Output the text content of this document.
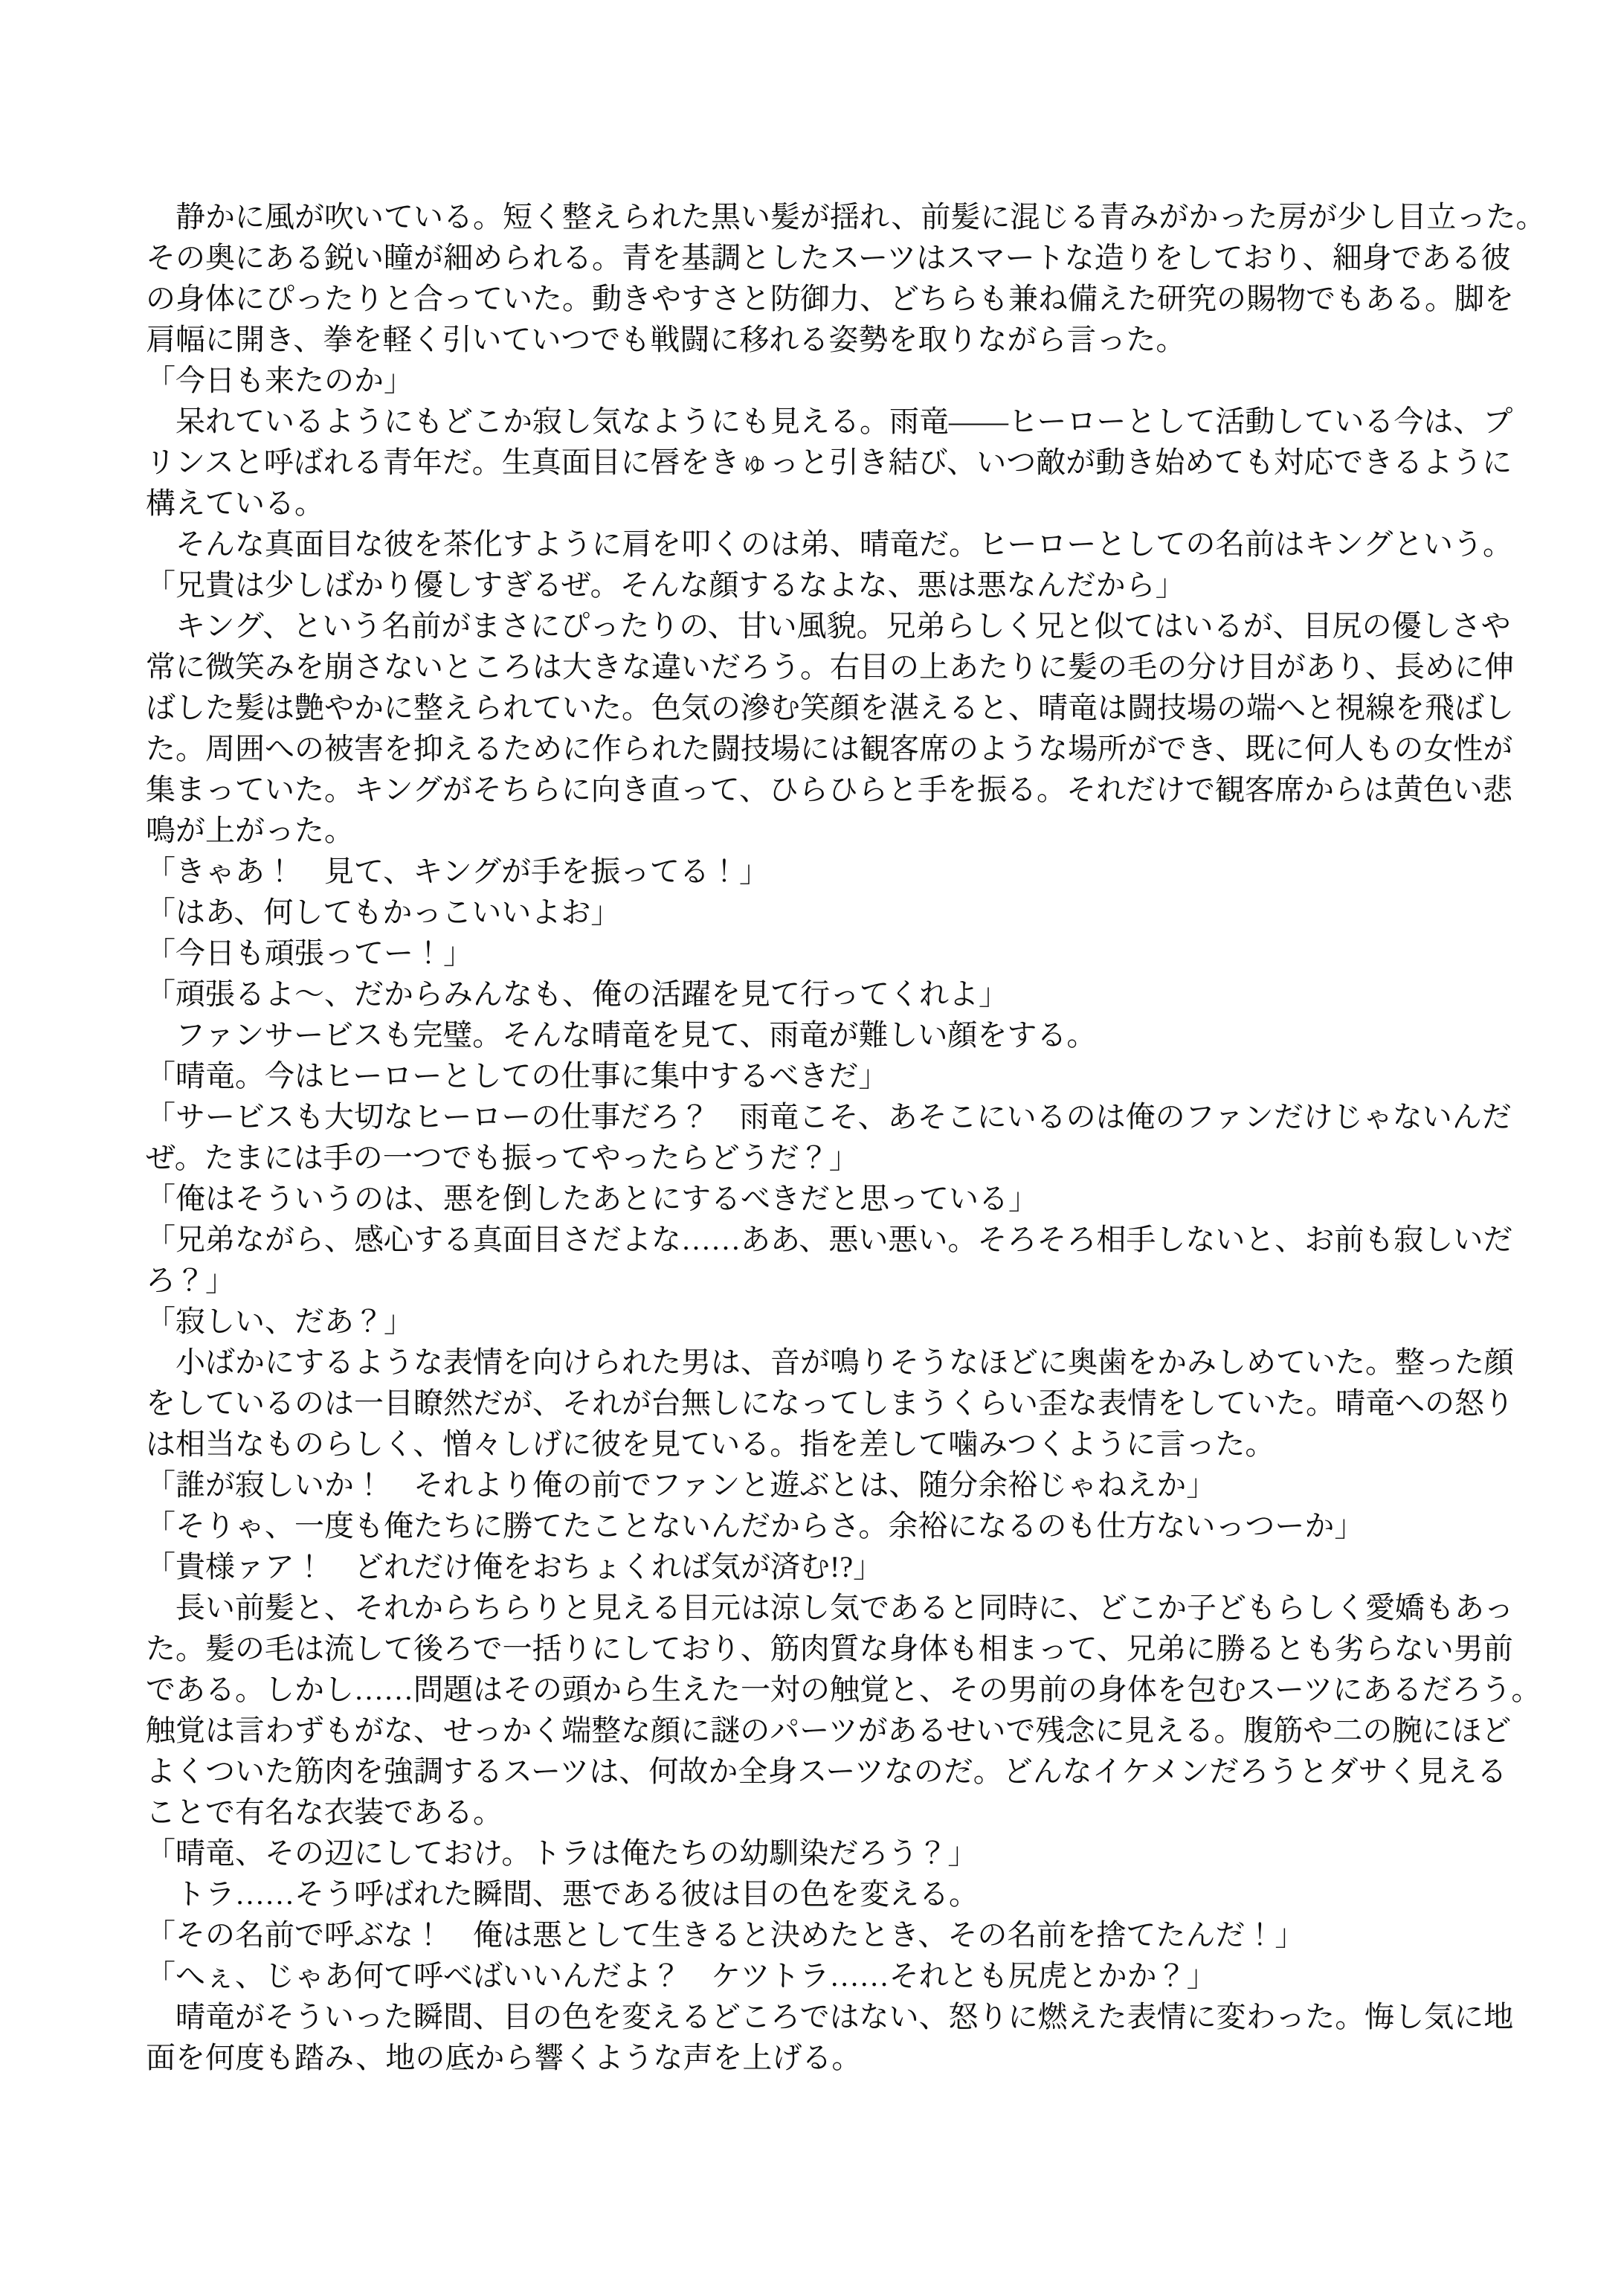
　静かに風が吹いている。短く整えられた黒い髪が揺れ、前髪に混じる青みがかった房が少し目立った。
その奥にある鋭い瞳が細められる。青を基調としたスーツはスマートな造りをしており、細身である彼
の身体にぴったりと合っていた。動きやすさと防御力、どちらも兼ね備えた研究の賜物でもある。脚を
肩幅に開き、拳を軽く引いていつでも戦闘に移れる姿勢を取りながら言った。
「今日も来たのか」
　呆れているようにもどこか寂し気なようにも見える。雨竜――ヒーローとして活動している今は、プ
リンスと呼ばれる青年だ。生真面目に唇をきゅっと引き結び、いつ敵が動き始めても対応できるように
構えている。
　そんな真面目な彼を茶化すように肩を叩くのは弟、晴竜だ。ヒーローとしての名前はキングという。
「兄貴は少しばかり優しすぎるぜ。そんな顔するなよな、悪は悪なんだから」
　キング、という名前がまさにぴったりの、甘い風貌。兄弟らしく兄と似てはいるが、目尻の優しさや
常に微笑みを崩さないところは大きな違いだろう。右目の上あたりに髪の毛の分け目があり、長めに伸
ばした髪は艶やかに整えられていた。色気の滲む笑顔を湛えると、晴竜は闘技場の端へと視線を飛ばし
た。周囲への被害を抑えるために作られた闘技場には観客席のような場所ができ、既に何人もの女性が
集まっていた。キングがそちらに向き直って、ひらひらと手を振る。それだけで観客席からは黄色い悲
鳴が上がった。
「きゃあ！　見て、キングが手を振ってる！」
「はあ、何してもかっこいいよお」
「今日も頑張ってー！」
「頑張るよ〜、だからみんなも、俺の活躍を見て行ってくれよ」
　ファンサービスも完璧。そんな晴竜を見て、雨竜が難しい顔をする。
「晴竜。今はヒーローとしての仕事に集中するべきだ」
「サービスも大切なヒーローの仕事だろ？　雨竜こそ、あそこにいるのは俺のファンだけじゃないんだ
ぜ。たまには手の一つでも振ってやったらどうだ？」
「俺はそういうのは、悪を倒したあとにするべきだと思っている」
「兄弟ながら、感心する真面目さだよな……ああ、悪い悪い。そろそろ相手しないと、お前も寂しいだ
ろ？」
「寂しい、だあ？」
　小ばかにするような表情を向けられた男は、音が鳴りそうなほどに奥歯をかみしめていた。整った顔
をしているのは一目瞭然だが、それが台無しになってしまうくらい歪な表情をしていた。晴竜への怒り
は相当なものらしく、憎々しげに彼を見ている。指を差して噛みつくように言った。
「誰が寂しいか！　それより俺の前でファンと遊ぶとは、随分余裕じゃねえか」
「そりゃ、一度も俺たちに勝てたことないんだからさ。余裕になるのも仕方ないっつーか」
「貴様ァア！　どれだけ俺をおちょくれば気が済む!?」
　長い前髪と、それからちらりと見える目元は涼し気であると同時に、どこか子どもらしく愛嬌もあっ
た。髪の毛は流して後ろで一括りにしており、筋肉質な身体も相まって、兄弟に勝るとも劣らない男前
である。しかし……問題はその頭から生えた一対の触覚と、その男前の身体を包むスーツにあるだろう。
触覚は言わずもがな、せっかく端整な顔に謎のパーツがあるせいで残念に見える。腹筋や二の腕にほど
よくついた筋肉を強調するスーツは、何故か全身スーツなのだ。どんなイケメンだろうとダサく見える
ことで有名な衣装である。
「晴竜、その辺にしておけ。トラは俺たちの幼馴染だろう？」
　トラ……そう呼ばれた瞬間、悪である彼は目の色を変える。
「その名前で呼ぶな！　俺は悪として生きると決めたとき、その名前を捨てたんだ！」
「へぇ、じゃあ何て呼べばいいんだよ？　ケツトラ……それとも尻虎とかか？」
　晴竜がそういった瞬間、目の色を変えるどころではない、怒りに燃えた表情に変わった。悔し気に地
面を何度も踏み、地の底から響くような声を上げる。
